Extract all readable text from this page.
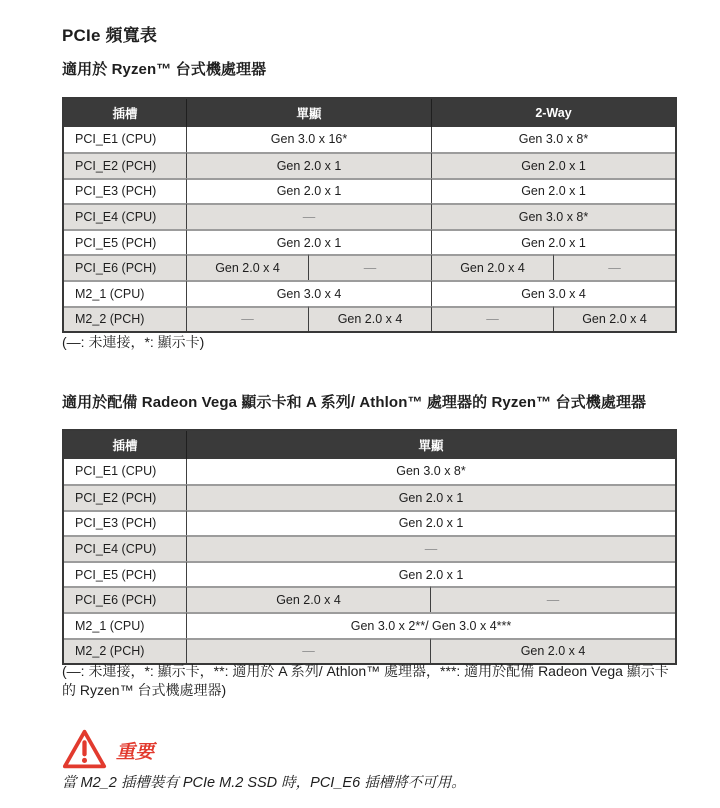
PCIe 頻寬表
適用於 Ryzen™ 台式機處理器
插槽	單顯	2-Way
PCI_E1 (CPU)	Gen 3.0 x 16*	Gen 3.0 x 8*
PCI_E2 (PCH)	Gen 2.0 x 1	Gen 2.0 x 1
PCI_E3 (PCH)	Gen 2.0 x 1	Gen 2.0 x 1
PCI_E4 (CPU)	—	Gen 3.0 x 8*
PCI_E5 (PCH)	Gen 2.0 x 1	Gen 2.0 x 1
PCI_E6 (PCH)	Gen 2.0 x 4	—	Gen 2.0 x 4	—
M2_1 (CPU)	Gen 3.0 x 4	Gen 3.0 x 4
M2_2 (PCH)	—	Gen 2.0 x 4	—	Gen 2.0 x 4
(—: 未連接，*: 顯示卡)
適用於配備 Radeon Vega 顯示卡和 A 系列/ Athlon™ 處理器的 Ryzen™ 台式機處理器
插槽	單顯
PCI_E1 (CPU)	Gen 3.0 x 8*
PCI_E2 (PCH)	Gen 2.0 x 1
PCI_E3 (PCH)	Gen 2.0 x 1
PCI_E4 (CPU)	—
PCI_E5 (PCH)	Gen 2.0 x 1
PCI_E6 (PCH)	Gen 2.0 x 4	—
M2_1 (CPU)	Gen 3.0 x 2**/ Gen 3.0 x 4***
M2_2 (PCH)	—	Gen 2.0 x 4
(—: 未連接，*: 顯示卡，**: 適用於 A 系列/ Athlon™ 處理器，***: 適用於配備 Radeon Vega 顯示卡的 Ryzen™ 台式機處理器)
重要
當 M2_2 插槽裝有 PCIe M.2 SSD 時，PCI_E6 插槽將不可用。
